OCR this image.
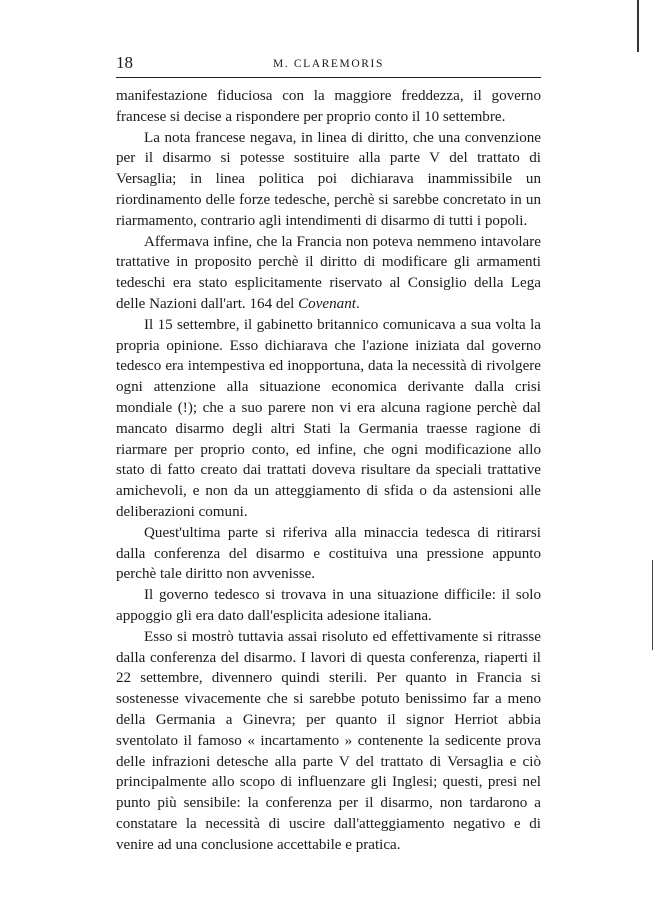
18	M. CLAREMORIS

manifestazione fiduciosa con la maggiore freddezza, il governo francese si decise a rispondere per proprio conto il 10 settembre.

La nota francese negava, in linea di diritto, che una convenzione per il disarmo si potesse sostituire alla parte V del trattato di Versaglia; in linea politica poi dichiarava inammissibile un riordinamento delle forze tedesche, perchè si sarebbe concretato in un riarmamento, contrario agli intendimenti di disarmo di tutti i popoli.

Affermava infine, che la Francia non poteva nemmeno intavolare trattative in proposito perchè il diritto di modificare gli armamenti tedeschi era stato esplicitamente riservato al Consiglio della Lega delle Nazioni dall'art. 164 del Covenant.

Il 15 settembre, il gabinetto britannico comunicava a sua volta la propria opinione. Esso dichiarava che l'azione iniziata dal governo tedesco era intempestiva ed inopportuna, data la necessità di rivolgere ogni attenzione alla situazione economica derivante dalla crisi mondiale (!); che a suo parere non vi era alcuna ragione perchè dal mancato disarmo degli altri Stati la Germania traesse ragione di riarmare per proprio conto, ed infine, che ogni modificazione allo stato di fatto creato dai trattati doveva risultare da speciali trattative amichevoli, e non da un atteggiamento di sfida o da astensioni alle deliberazioni comuni.

Quest'ultima parte si riferiva alla minaccia tedesca di ritirarsi dalla conferenza del disarmo e costituiva una pressione appunto perchè tale diritto non avvenisse.

Il governo tedesco si trovava in una situazione difficile: il solo appoggio gli era dato dall'esplicita adesione italiana.

Esso si mostrò tuttavia assai risoluto ed effettivamente si ritrasse dalla conferenza del disarmo. I lavori di questa conferenza, riaperti il 22 settembre, divennero quindi sterili. Per quanto in Francia si sostenesse vivacemente che si sarebbe potuto benissimo far a meno della Germania a Ginevra; per quanto il signor Herriot abbia sventolato il famoso « incartamento » contenente la sedicente prova delle infrazioni detesche alla parte V del trattato di Versaglia e ciò principalmente allo scopo di influenzare gli Inglesi; questi, presi nel punto più sensibile: la conferenza per il disarmo, non tardarono a constatare la necessità di uscire dall'atteggiamento negativo e di venire ad una conclusione accettabile e pratica.
